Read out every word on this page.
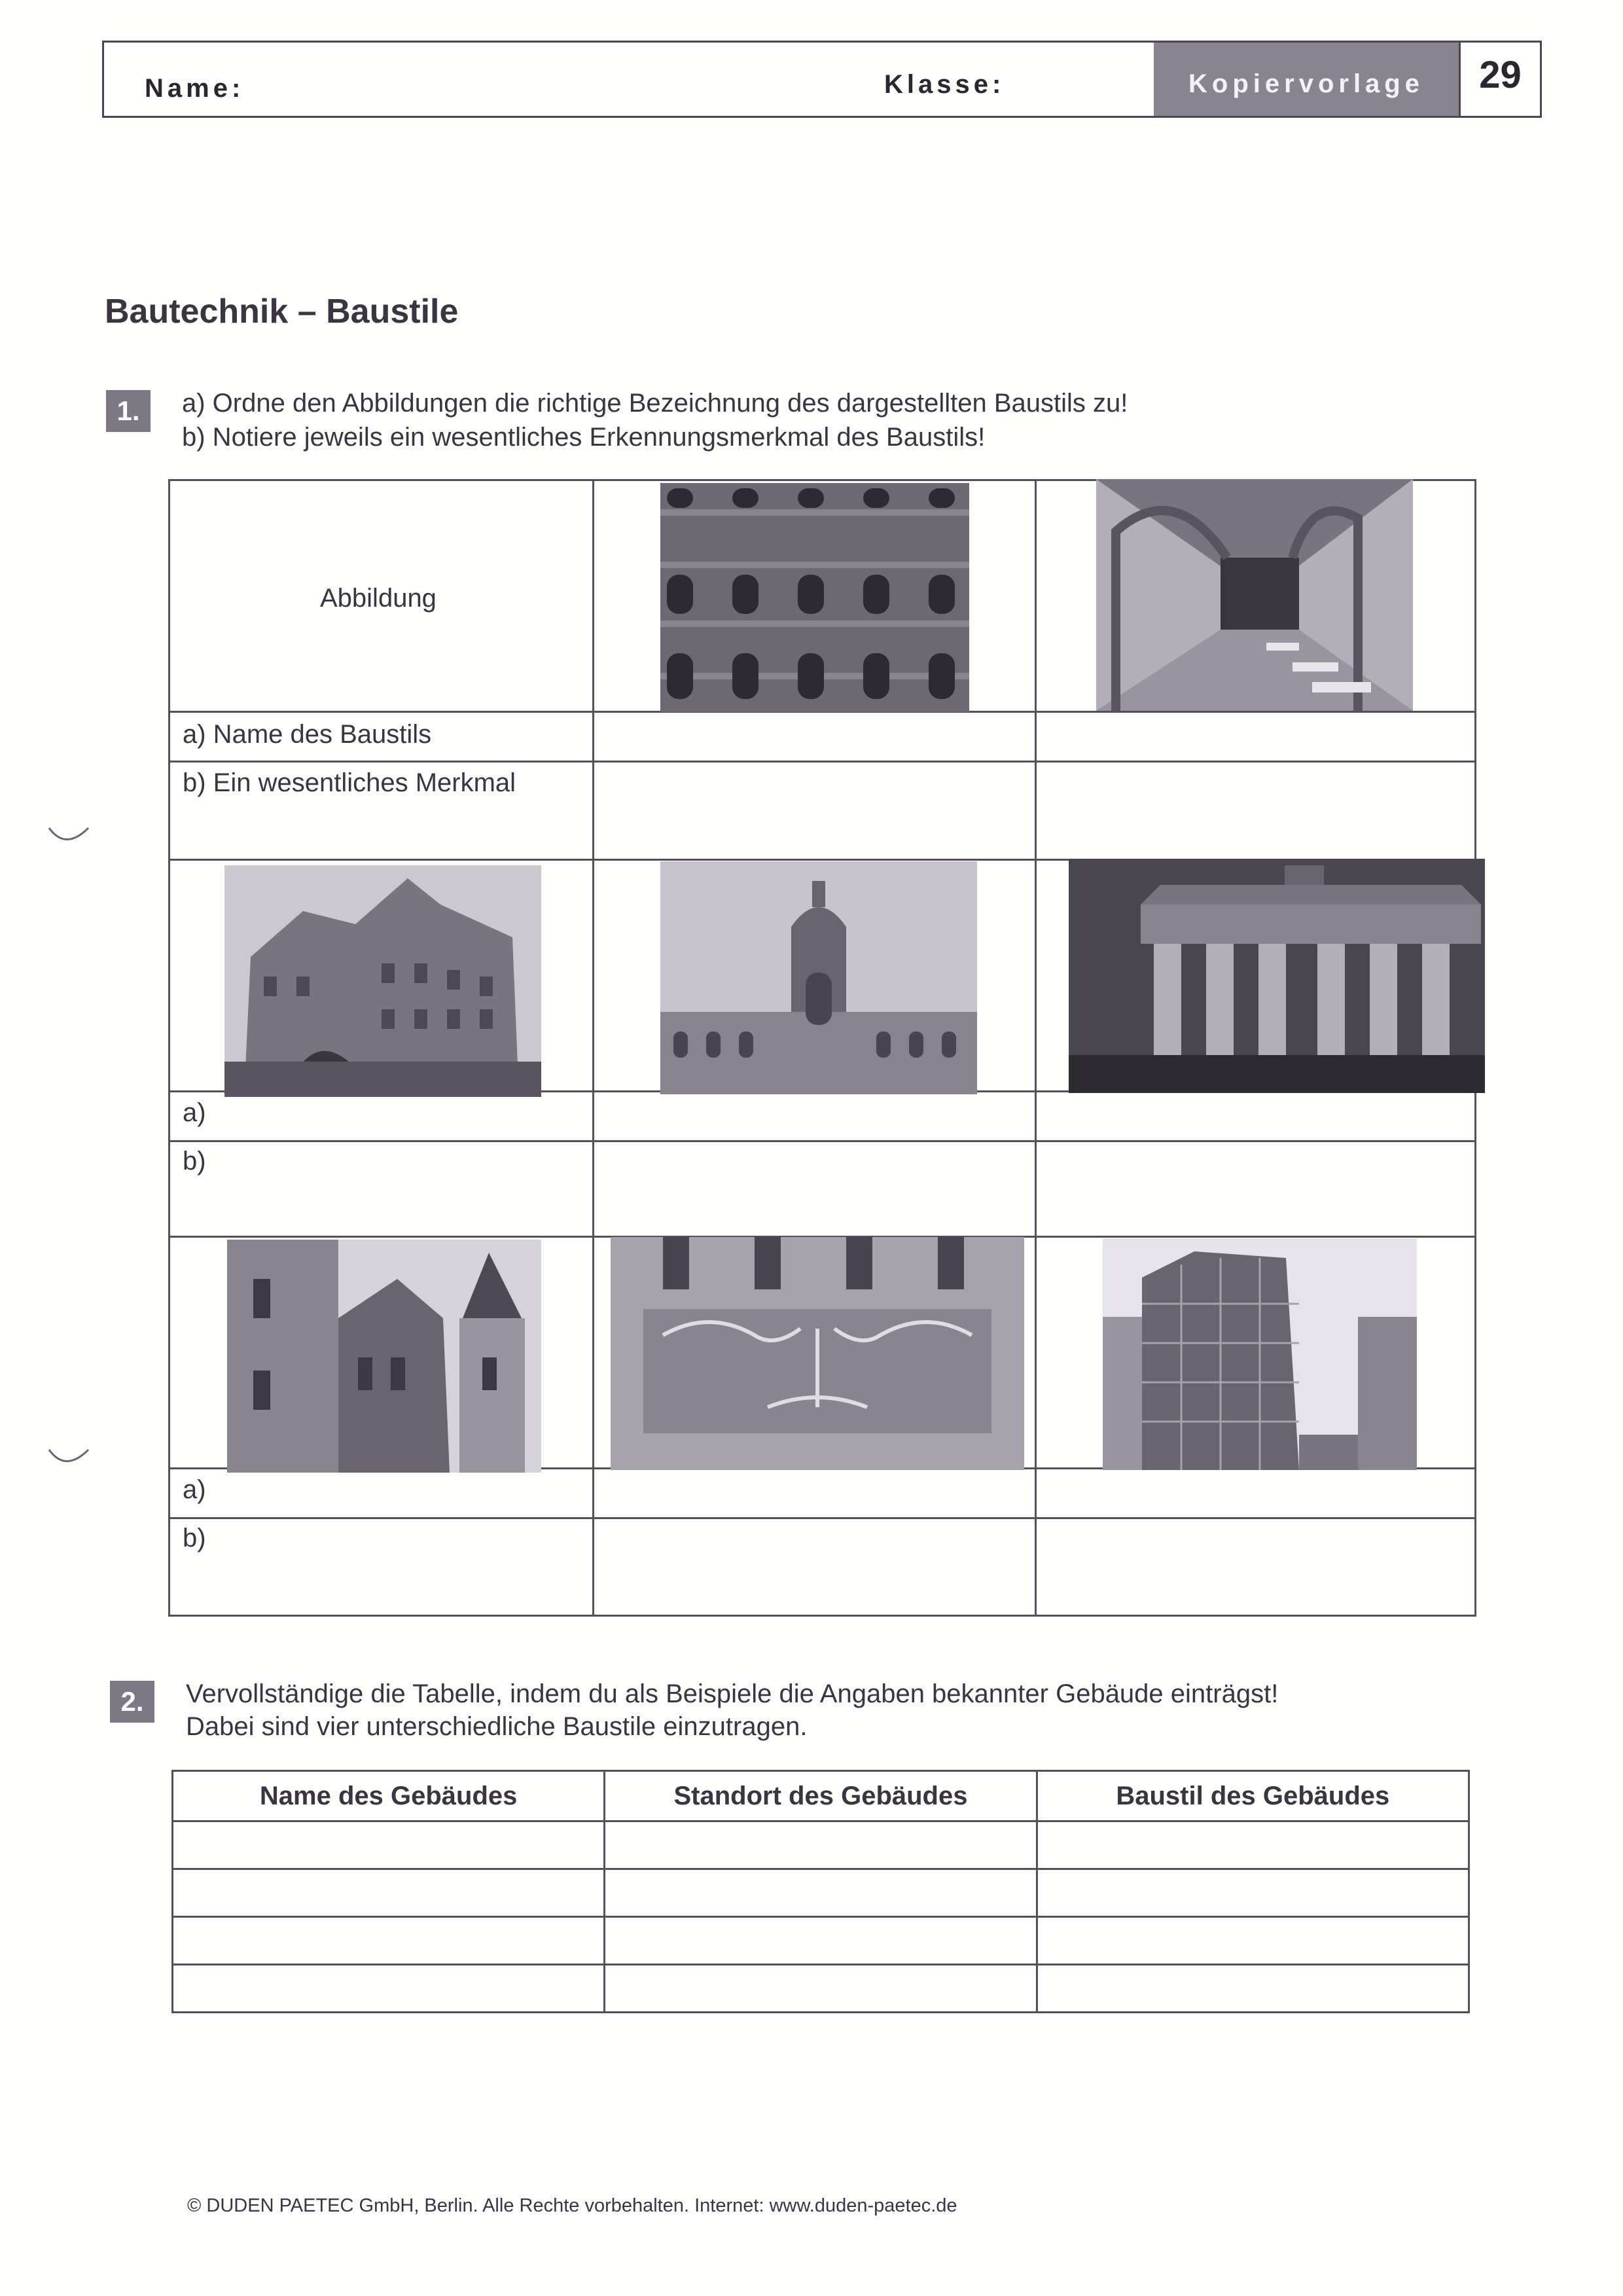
Name:	Klasse:	Kopiervorlage	29
Bautechnik – Baustile
1.	a) Ordne den Abbildungen die richtige Bezeichnung des dargestellten Baustils zu!
b) Notiere jeweils ein wesentliches Erkennungsmerkmal des Baustils!
Abbildung
a) Name des Baustils
b) Ein wesentliches Merkmal
a)
b)
a)
b)
2.	Vervollständige die Tabelle, indem du als Beispiele die Angaben bekannter Gebäude einträgst!
Dabei sind vier unterschiedliche Baustile einzutragen.
Name des Gebäudes	Standort des Gebäudes	Baustil des Gebäudes

© DUDEN PAETEC GmbH, Berlin. Alle Rechte vorbehalten. Internet: www.duden-paetec.de
